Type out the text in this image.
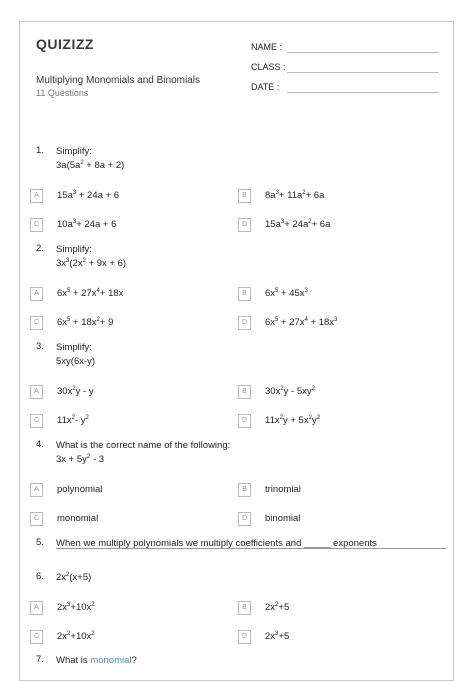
QUIZIZZ
Multiplying Monomials and Binomials
11 Questions
NAME :
CLASS :
DATE :
1.	Simplify:
$3a(5a^2 + 8a + 2)$
2.	Simplify:
$3x^3(2x^2 + 9x + 6)$
3.	Simplify:
5xy(6x-y)
4.	What is the correct name of the following:
$3x + 5y^2 - 3$
5.	When we multiply polynomials we multiply coefficients and _____ exponents
6.	$2x^2(x+5)$
7.	What is monomial?
A	$15a^3 + 24a + 6$	B	$8a^3+ 11a^2+ 6a$
C	$10a^3+ 24a + 6$	D	$15a^3+ 24a^2+ 6a$
A	$6x^5 + 27x^4+ 18x$	B	$6x^5 + 45x^3$
C	$6x^5 + 18x^2+ 9$	D	$6x^5 + 27x^4 + 18x^3$
A	$30x^2y$ - y	B	$30x^2y - 5xy^2$
C	$11x^2-$ $y^2$	D	$11x^2y + 5x^2y^2$
A	polynomial	B	trinomial
C	monomial	D	binomial
A	$2x^3+10x^2$	B	$2x^2+5$
C	$2x^2+10x^2$	D	$2x^3+5$
